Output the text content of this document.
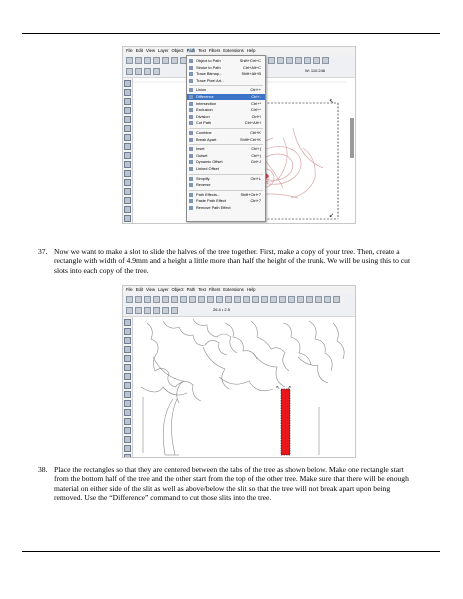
File Edit View Layer Object Path Text Filters Extensions Help
W: 110.246
↖
↙
Object to Path	Shift+Ctrl+C
Stroke to Path	Ctrl+Alt+C
Trace Bitmap...	Shift+Alt+B
Trace Pixel Art...
Union	Ctrl++
Difference	Ctrl+-
Intersection	Ctrl+*
Exclusion	Ctrl+^
Division	Ctrl+/
Cut Path	Ctrl+Alt+/
Combine	Ctrl+K
Break Apart	Shift+Ctrl+K
Inset	Ctrl+(
Outset	Ctrl+)
Dynamic Offset	Ctrl+J
Linked Offset
Simplify	Ctrl+L
Reverse
Path Effects...	Shift+Ctrl+7
Paste Path Effect	Ctrl+7
Remove Path Effect
37. Now we want to make a slot to slide the halves of the tree together. First, make a copy of your tree. Then, create a rectangle with width of 4.9mm and a height a little more than half the height of the trunk. We will be using this to cut slots into each copy of the tree.
File Edit View Layer Object Path Text Filters Extensions Help
26.4 • 2.5
↖ ↗
38. Place the rectangles so that they are centered between the tabs of the tree as shown below. Make one rectangle start from the bottom half of the tree and the other start from the top of the other tree. Make sure that there will be enough material on either side of the slit as well as above/below the slit so that the tree will not break apart upon being removed. Use the “Difference” command to cut those slits into the tree.
